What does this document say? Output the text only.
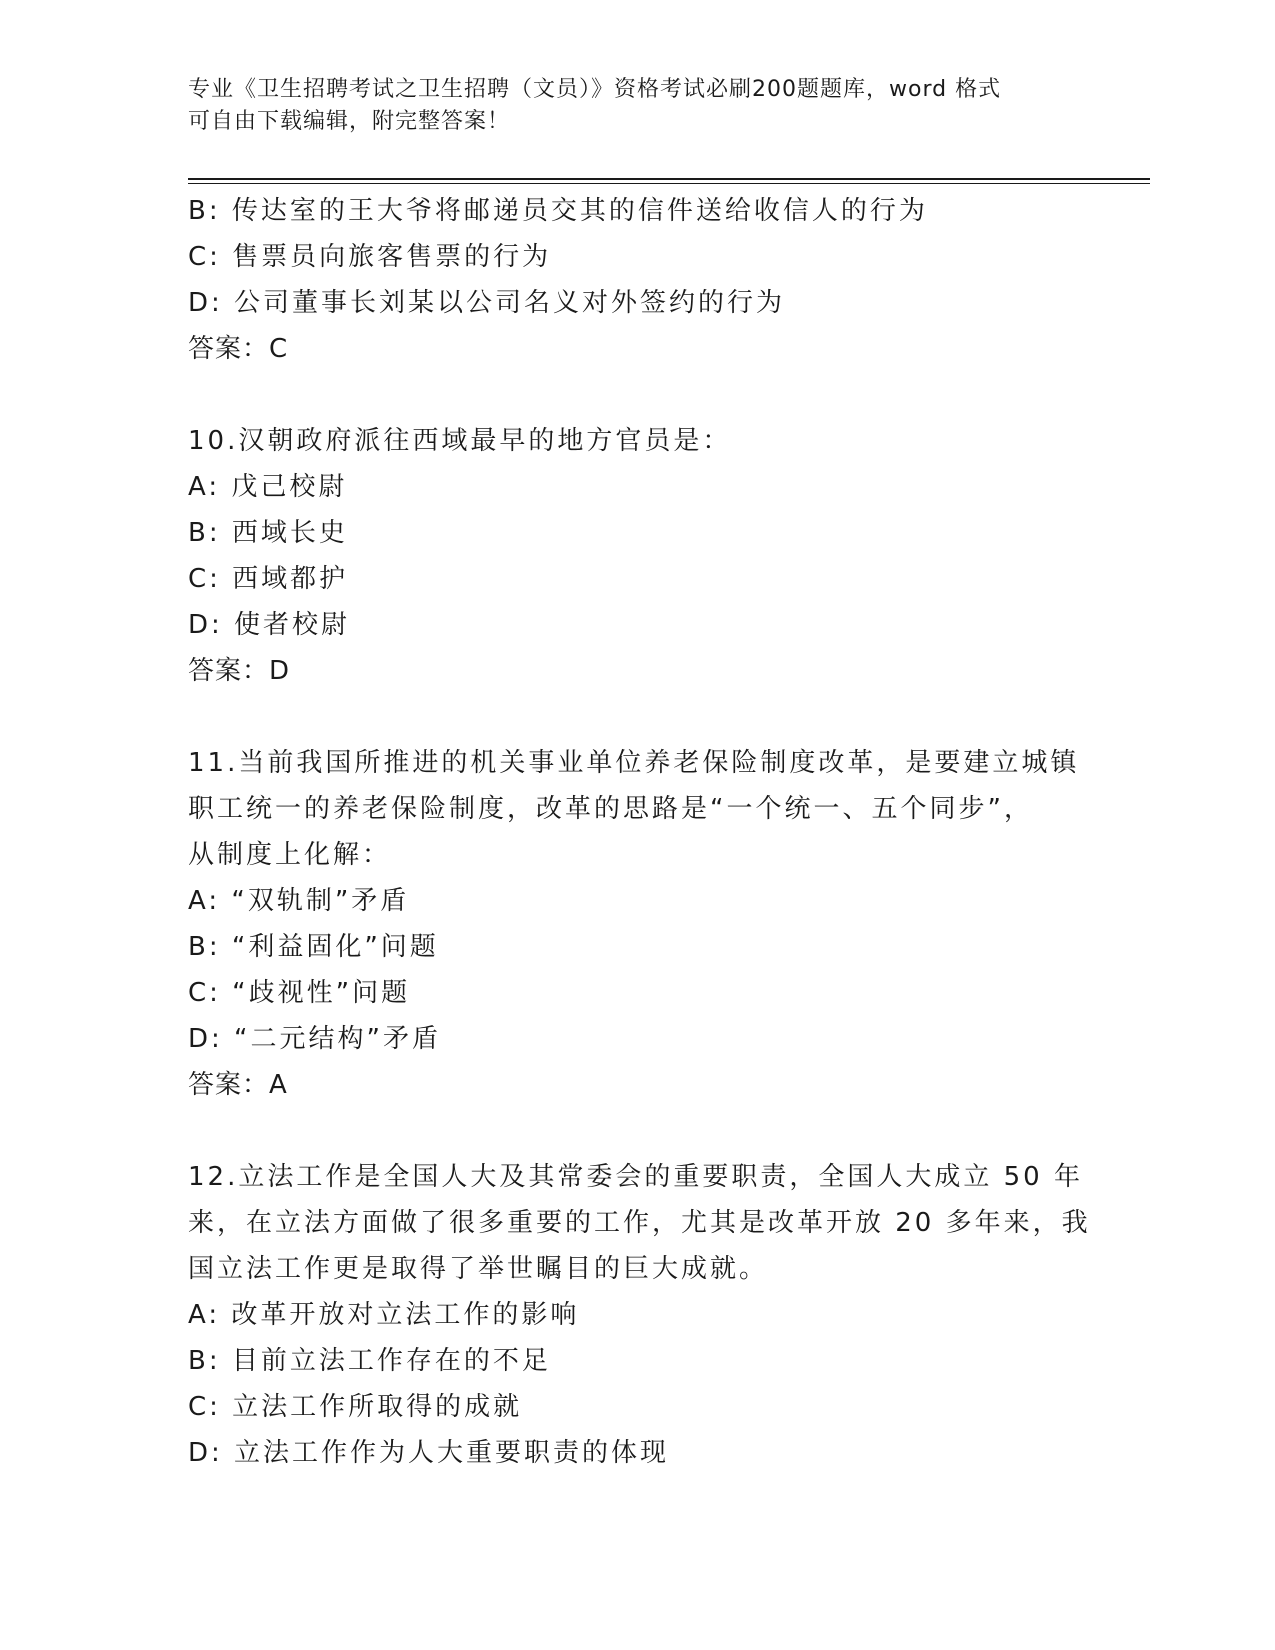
专业《卫生招聘考试之卫生招聘（文员）》资格考试必刷200题题库，word 格式
可自由下载编辑，附完整答案！
B: 传达室的王大爷将邮递员交其的信件送给收信人的行为
C: 售票员向旅客售票的行为
D: 公司董事长刘某以公司名义对外签约的行为
答案：C
10.汉朝政府派往西域最早的地方官员是：
A: 戊己校尉
B: 西域长史
C: 西域都护
D: 使者校尉
答案：D
11.当前我国所推进的机关事业单位养老保险制度改革，是要建立城镇
职工统一的养老保险制度，改革的思路是“一个统一、五个同步”，
从制度上化解：
A: “双轨制”矛盾
B: “利益固化”问题
C: “歧视性”问题
D: “二元结构”矛盾
答案：A
12.立法工作是全国人大及其常委会的重要职责，全国人大成立 50 年
来，在立法方面做了很多重要的工作，尤其是改革开放 20 多年来，我
国立法工作更是取得了举世瞩目的巨大成就。
A: 改革开放对立法工作的影响
B: 目前立法工作存在的不足
C: 立法工作所取得的成就
D: 立法工作作为人大重要职责的体现
